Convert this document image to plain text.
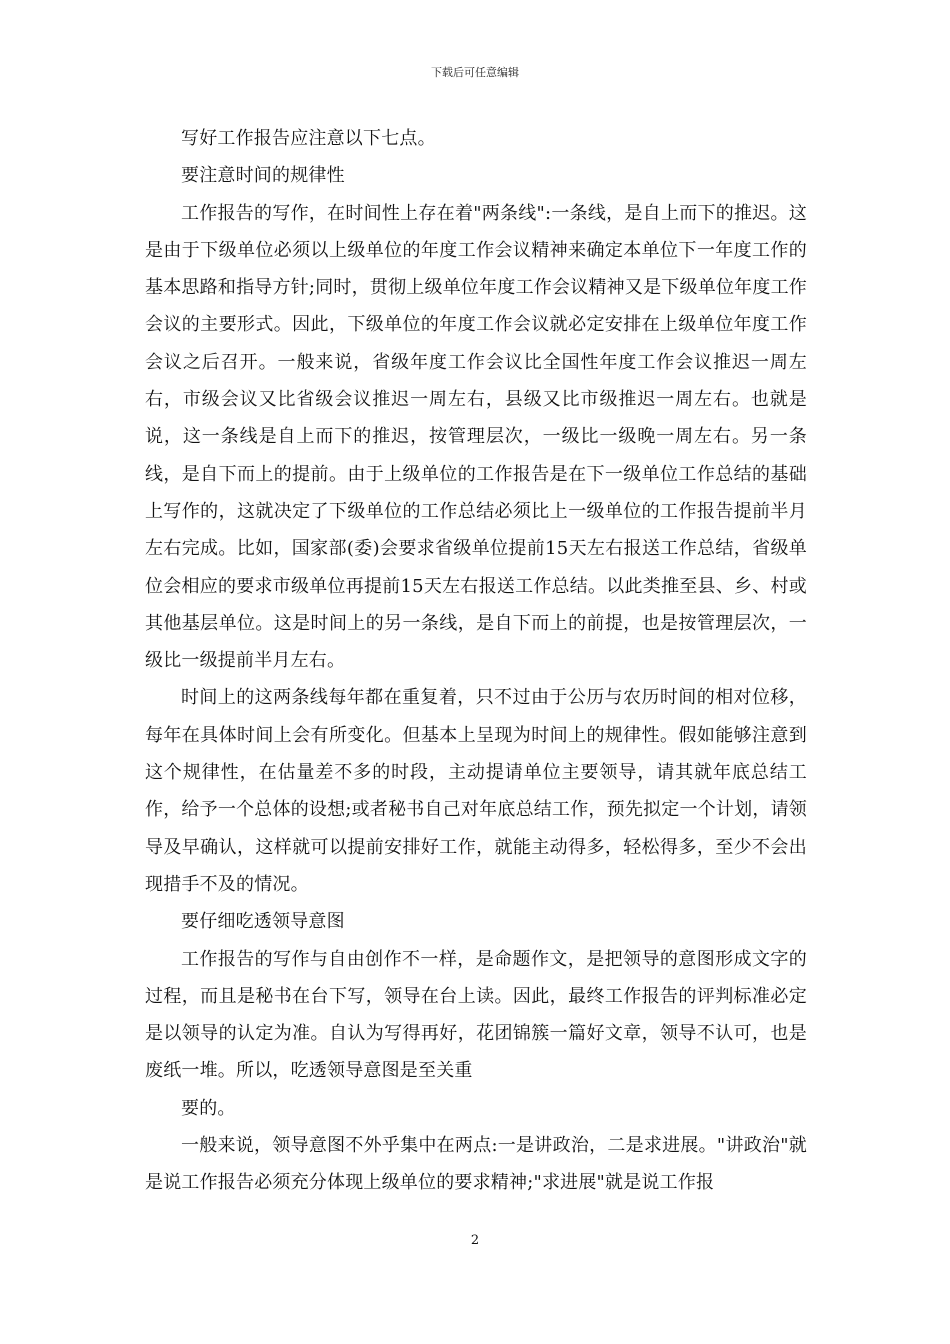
下载后可任意编辑

写好工作报告应注意以下七点。

要注意时间的规律性

工作报告的写作，在时间性上存在着"两条线":一条线，是自上而下的推迟。这是由于下级单位必须以上级单位的年度工作会议精神来确定本单位下一年度工作的基本思路和指导方针;同时，贯彻上级单位年度工作会议精神又是下级单位年度工作会议的主要形式。因此，下级单位的年度工作会议就必定安排在上级单位年度工作会议之后召开。一般来说，省级年度工作会议比全国性年度工作会议推迟一周左右，市级会议又比省级会议推迟一周左右，县级又比市级推迟一周左右。也就是说，这一条线是自上而下的推迟，按管理层次，一级比一级晚一周左右。另一条线，是自下而上的提前。由于上级单位的工作报告是在下一级单位工作总结的基础上写作的，这就决定了下级单位的工作总结必须比上一级单位的工作报告提前半月左右完成。比如，国家部(委)会要求省级单位提前15天左右报送工作总结，省级单位会相应的要求市级单位再提前15天左右报送工作总结。以此类推至县、乡、村或其他基层单位。这是时间上的另一条线，是自下而上的前提，也是按管理层次，一级比一级提前半月左右。

时间上的这两条线每年都在重复着，只不过由于公历与农历时间的相对位移，每年在具体时间上会有所变化。但基本上呈现为时间上的规律性。假如能够注意到这个规律性，在估量差不多的时段，主动提请单位主要领导，请其就年底总结工作，给予一个总体的设想;或者秘书自己对年底总结工作，预先拟定一个计划，请领导及早确认，这样就可以提前安排好工作，就能主动得多，轻松得多，至少不会出现措手不及的情况。

要仔细吃透领导意图

工作报告的写作与自由创作不一样，是命题作文，是把领导的意图形成文字的过程，而且是秘书在台下写，领导在台上读。因此，最终工作报告的评判标准必定是以领导的认定为准。自认为写得再好，花团锦簇一篇好文章，领导不认可，也是废纸一堆。所以，吃透领导意图是至关重

要的。

一般来说，领导意图不外乎集中在两点:一是讲政治，二是求进展。"讲政治"就是说工作报告必须充分体现上级单位的要求精神;"求进展"就是说工作报

2
